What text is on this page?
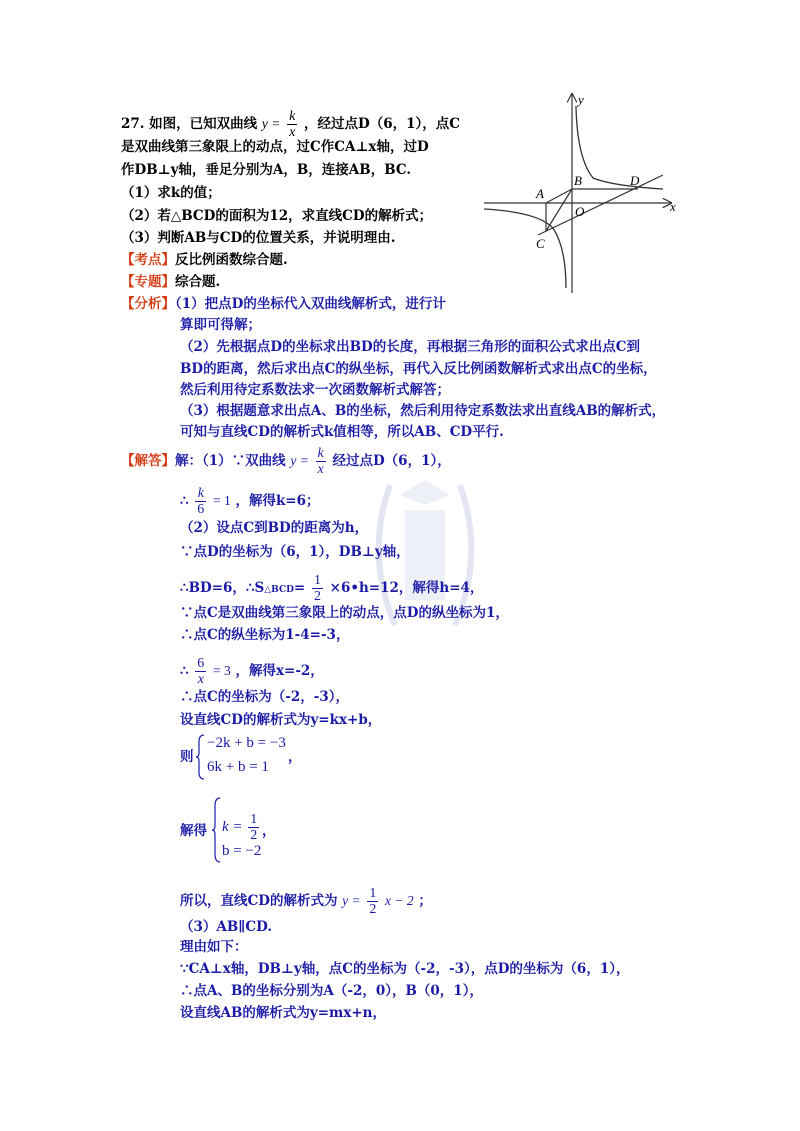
27. 如图，已知双曲线 $y = \frac{k}{x}$ ，经过点D（6，1），点C
是双曲线第三象限上的动点，过C作CA⊥x轴，过D
作DB⊥y轴，垂足分别为A，B，连接AB，BC.
（1）求k的值；
（2）若△BCD的面积为12，求直线CD的解析式；
（3）判断AB与CD的位置关系，并说明理由.
【考点】反比例函数综合题.
【专题】综合题.
【分析】（1）把点D的坐标代入双曲线解析式，进行计
算即可得解；
（2）先根据点D的坐标求出BD的长度，再根据三角形的面积公式求出点C到
BD的距离，然后求出点C的纵坐标，再代入反比例函数解析式求出点C的坐标，
然后利用待定系数法求一次函数解析式解答；
（3）根据题意求出点A、B的坐标，然后利用待定系数法求出直线AB的解析式，
可知与直线CD的解析式k值相等，所以AB、CD平行.
【解答】解：（1）∵双曲线 $y = \frac{k}{x}$ 经过点D（6，1），
∴ $\frac{k}{6} = 1$ ，解得k=6；
（2）设点C到BD的距离为h，
∵点D的坐标为（6，1），DB⊥y轴，
∴BD=6，∴S△BCD= $\frac{1}{2}$ ×6•h=12，解得h=4，
∵点C是双曲线第三象限上的动点，点D的纵坐标为1，
∴点C的纵坐标为1-4=-3，
∴ $\frac{6}{x} = 3$ ，解得x=-2，
∴点C的坐标为（-2，-3），
设直线CD的解析式为y=kx+b，
则
−2k + b = −3
6k + b = 1
，
解得 $k = \frac{1}{2}$
b = −2
，
所以，直线CD的解析式为 $y = \frac{1}{2}$ x − 2 ；
（3）AB∥CD.
理由如下：
∵CA⊥x轴，DB⊥y轴，点C的坐标为（-2，-3），点D的坐标为（6，1），
∴点A、B的坐标分别为A（-2，0），B（0，1），
设直线AB的解析式为y=mx+n，
y
x
A
B
C
D
O
